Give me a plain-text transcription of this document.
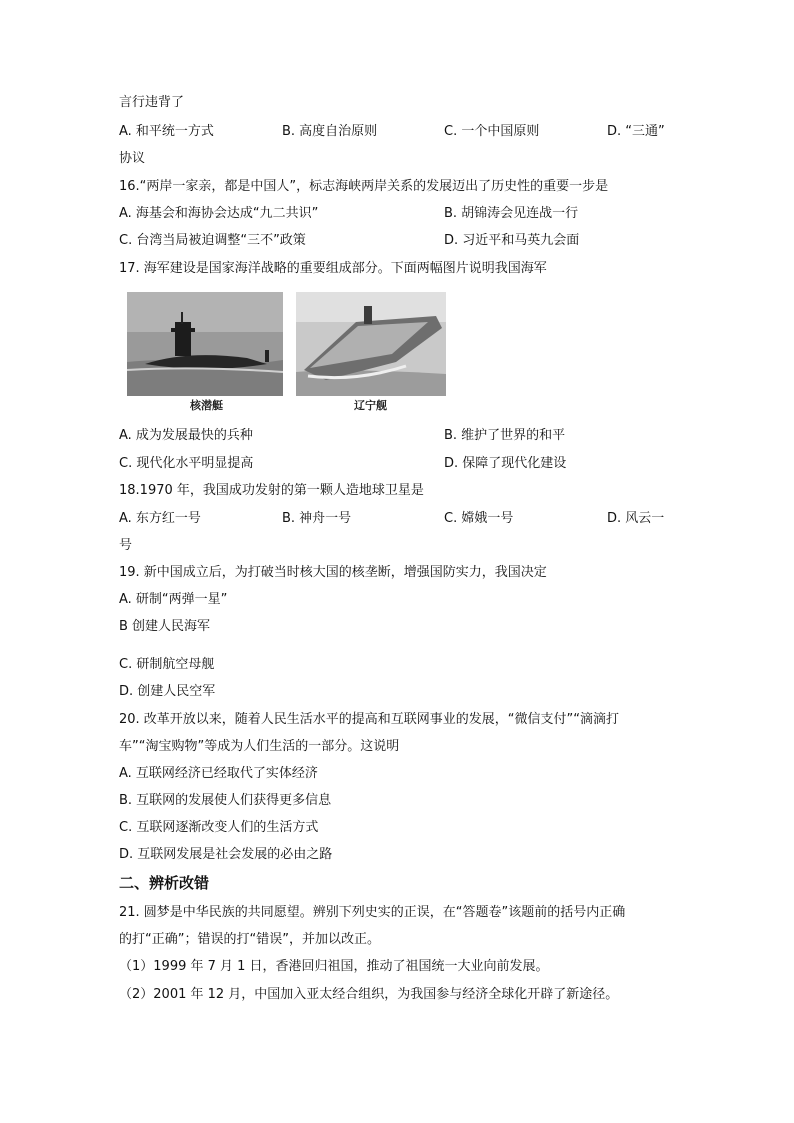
言行违背了
A. 和平统一方式	B. 高度自治原则	C. 一个中国原则	D. “三通”
协议
16.“两岸一家亲，都是中国人”，标志海峡两岸关系的发展迈出了历史性的重要一步是
A. 海基会和海协会达成“九二共识”	B. 胡锦涛会见连战一行
C. 台湾当局被迫调整“三不”政策	D. 习近平和马英九会面
17. 海军建设是国家海洋战略的重要组成部分。下面两幅图片说明我国海军
核潜艇	辽宁舰
A. 成为发展最快的兵种	B. 维护了世界的和平
C. 现代化水平明显提高	D. 保障了现代化建设
18.1970 年，我国成功发射的第一颗人造地球卫星是
A. 东方红一号	B. 神舟一号	C. 嫦娥一号	D. 风云一
号
19. 新中国成立后，为打破当时核大国的核垄断，增强国防实力，我国决定
A. 研制“两弹一星”
B 创建人民海军
C. 研制航空母舰
D. 创建人民空军
20. 改革开放以来，随着人民生活水平的提高和互联网事业的发展，“微信支付”“滴滴打
车”“淘宝购物”等成为人们生活的一部分。这说明
A. 互联网经济已经取代了实体经济
B. 互联网的发展使人们获得更多信息
C. 互联网逐渐改变人们的生活方式
D. 互联网发展是社会发展的必由之路
二、辨析改错
21. 圆梦是中华民族的共同愿望。辨别下列史实的正误，在“答题卷”该题前的括号内正确
的打“正确”；错误的打“错误”，并加以改正。
（1）1999 年 7 月 1 日，香港回归祖国，推动了祖国统一大业向前发展。
（2）2001 年 12 月，中国加入亚太经合组织，为我国参与经济全球化开辟了新途径。
